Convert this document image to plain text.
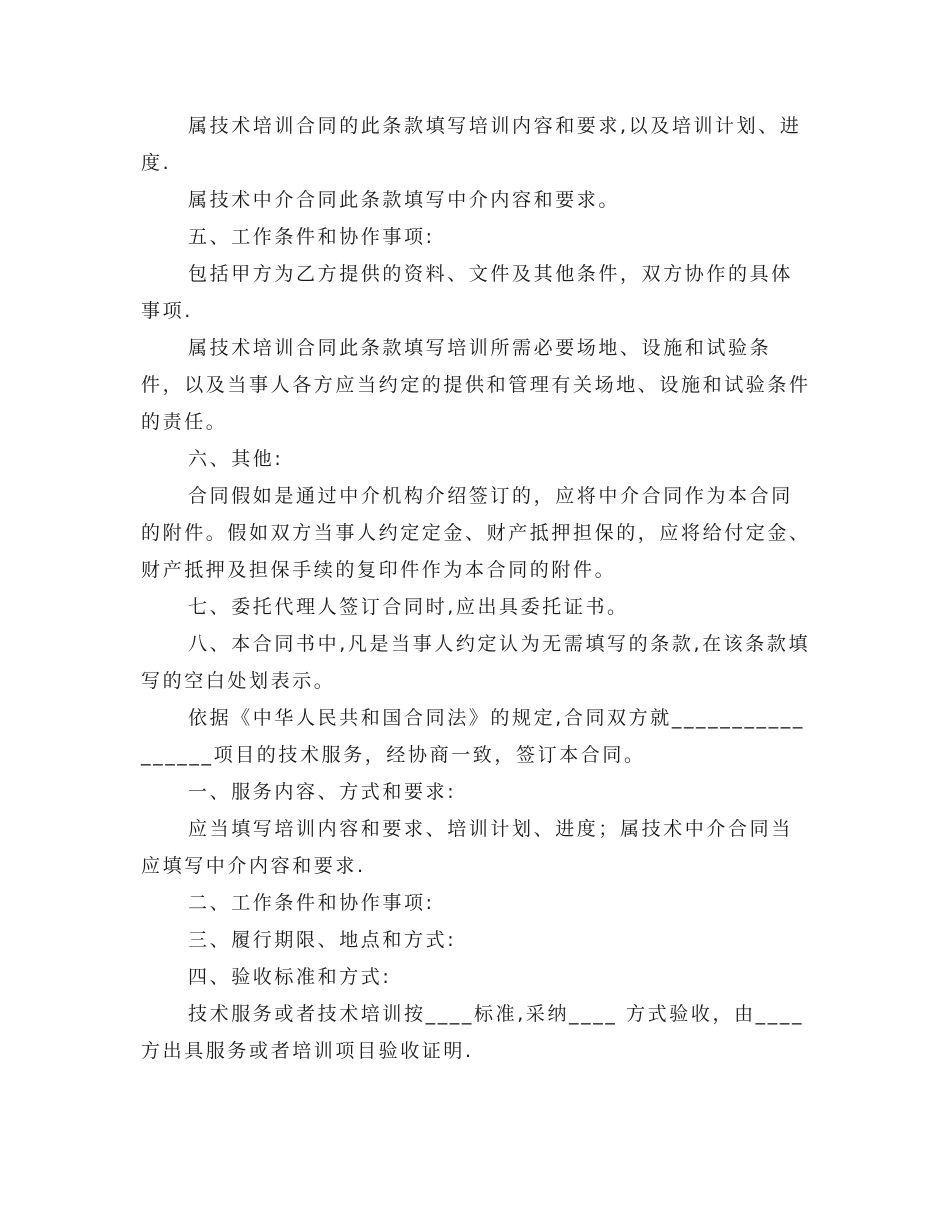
属技术培训合同的此条款填写培训内容和要求,以及培训计划、进度.

属技术中介合同此条款填写中介内容和要求。

五、工作条件和协作事项:

包括甲方为乙方提供的资料、文件及其他条件，双方协作的具体事项.

属技术培训合同此条款填写培训所需必要场地、设施和试验条件，以及当事人各方应当约定的提供和管理有关场地、设施和试验条件的责任。

六、其他:

合同假如是通过中介机构介绍签订的，应将中介合同作为本合同的附件。假如双方当事人约定定金、财产抵押担保的，应将给付定金、财产抵押及担保手续的复印件作为本合同的附件。

七、委托代理人签订合同时,应出具委托证书。

八、本合同书中,凡是当事人约定认为无需填写的条款,在该条款填写的空白处划表示。

依据《中华人民共和国合同法》的规定,合同双方就_________________项目的技术服务，经协商一致，签订本合同。

一、服务内容、方式和要求:

应当填写培训内容和要求、培训计划、进度；属技术中介合同当应填写中介内容和要求.

二、工作条件和协作事项:

三、履行期限、地点和方式:

四、验收标准和方式:

技术服务或者技术培训按____标准,采纳____ 方式验收，由____方出具服务或者培训项目验收证明.
